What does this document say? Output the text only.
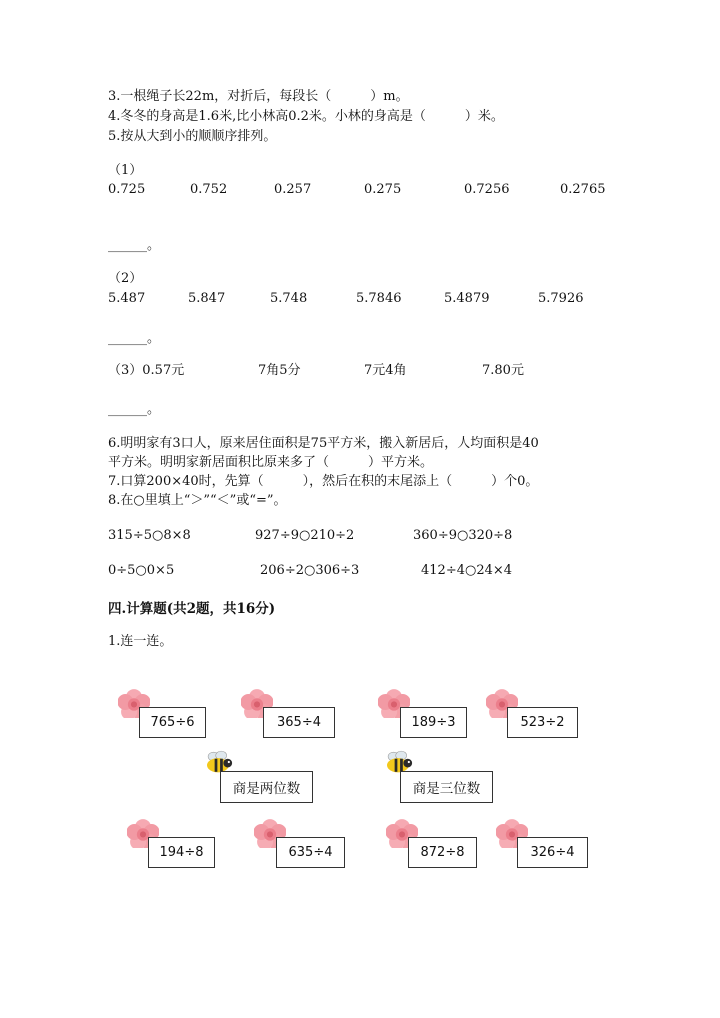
3.一根绳子长22m，对折后，每段长（　　　）m。
4.冬冬的身高是1.6米,比小林高0.2米。小林的身高是（　　　）米。
5.按从大到小的顺顺序排列。
（1）
0.725	0.752	0.257	0.275	0.7256	0.2765
______。
（2）
5.487	5.847	5.748	5.7846	5.4879	5.7926
______。
（3）0.57元	7角5分	7元4角	7.80元
______。
6.明明家有3口人，原来居住面积是75平方米，搬入新居后，人均面积是40
平方米。明明家新居面积比原来多了（　　　）平方米。
7.口算200×40时，先算（　　　），然后在积的末尾添上（　　　）个0。
8.在○里填上“＞”“＜”或“=”。
315÷5○8×8	927÷9○210÷2	360÷9○320÷8
0÷5○0×5	206÷2○306÷3	412÷4○24×4
四.计算题(共2题，共16分)
1.连一连。
765÷6	365÷4	189÷3	523÷2
商是两位数	商是三位数
194÷8	635÷4	872÷8	326÷4
